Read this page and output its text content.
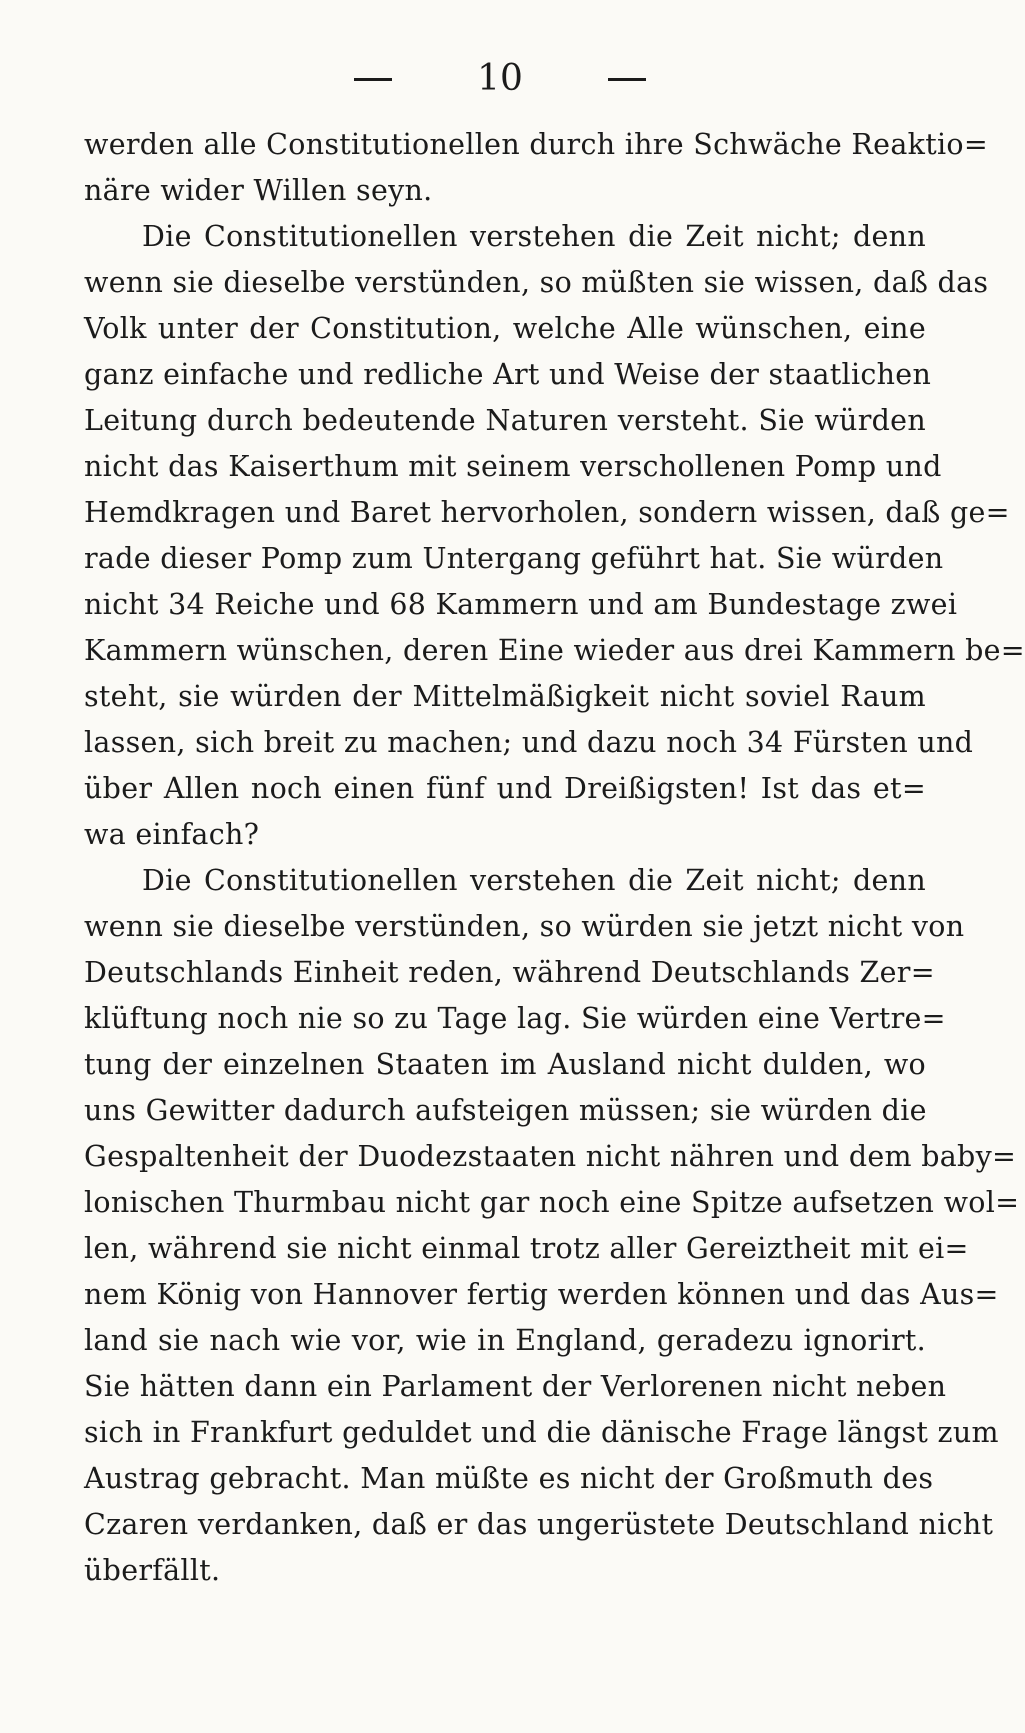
10
werden alle Constitutionellen durch ihre Schwäche Reaktio=
näre wider Willen seyn.
Die Constitutionellen verstehen die Zeit nicht; denn
wenn sie dieselbe verstünden, so müßten sie wissen, daß das
Volk unter der Constitution, welche Alle wünschen, eine
ganz einfache und redliche Art und Weise der staatlichen
Leitung durch bedeutende Naturen versteht. Sie würden
nicht das Kaiserthum mit seinem verschollenen Pomp und
Hemdkragen und Baret hervorholen, sondern wissen, daß ge=
rade dieser Pomp zum Untergang geführt hat. Sie würden
nicht 34 Reiche und 68 Kammern und am Bundestage zwei
Kammern wünschen, deren Eine wieder aus drei Kammern be=
steht, sie würden der Mittelmäßigkeit nicht soviel Raum
lassen, sich breit zu machen; und dazu noch 34 Fürsten und
über Allen noch einen fünf und Dreißigsten! Ist das et=
wa einfach?
Die Constitutionellen verstehen die Zeit nicht; denn
wenn sie dieselbe verstünden, so würden sie jetzt nicht von
Deutschlands Einheit reden, während Deutschlands Zer=
klüftung noch nie so zu Tage lag. Sie würden eine Vertre=
tung der einzelnen Staaten im Ausland nicht dulden, wo
uns Gewitter dadurch aufsteigen müssen; sie würden die
Gespaltenheit der Duodezstaaten nicht nähren und dem baby=
lonischen Thurmbau nicht gar noch eine Spitze aufsetzen wol=
len, während sie nicht einmal trotz aller Gereiztheit mit ei=
nem König von Hannover fertig werden können und das Aus=
land sie nach wie vor, wie in England, geradezu ignorirt.
Sie hätten dann ein Parlament der Verlorenen nicht neben
sich in Frankfurt geduldet und die dänische Frage längst zum
Austrag gebracht. Man müßte es nicht der Großmuth des
Czaren verdanken, daß er das ungerüstete Deutschland nicht
überfällt.
